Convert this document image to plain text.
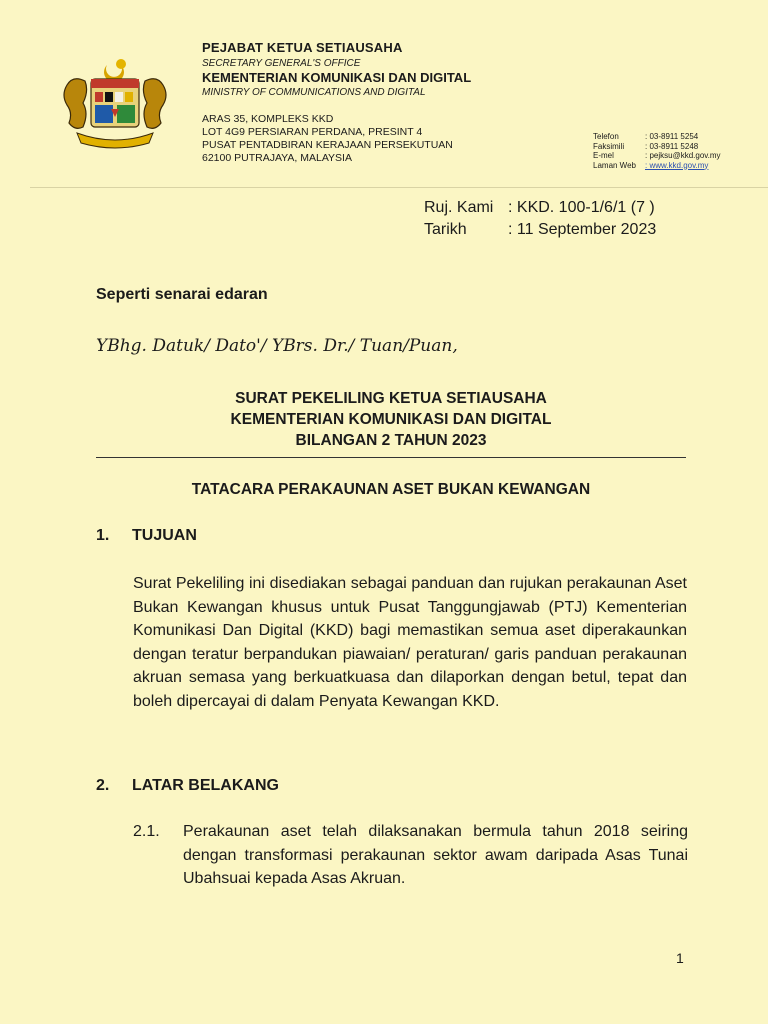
PEJABAT KETUA SETIAUSAHA
SECRETARY GENERAL'S OFFICE
KEMENTERIAN KOMUNIKASI DAN DIGITAL
MINISTRY OF COMMUNICATIONS AND DIGITAL
ARAS 35, KOMPLEKS KKD
LOT 4G9 PERSIARAN PERDANA, PRESINT 4
PUSAT PENTADBIRAN KERAJAAN PERSEKUTUAN
62100 PUTRAJAYA, MALAYSIA
Telefon	: 03-8911 5254
Faksimili	: 03-8911 5248
E-mel	: pejksu@kkd.gov.my
Laman Web	: www.kkd.gov.my
Ruj. Kami : KKD. 100-1/6/1 (7 )
Tarikh	: 11 September 2023
Seperti senarai edaran
YBhg. Datuk/ Dato'/ YBrs. Dr./ Tuan/Puan,
SURAT PEKELILING KETUA SETIAUSAHA
KEMENTERIAN KOMUNIKASI DAN DIGITAL
BILANGAN 2 TAHUN 2023
TATACARA PERAKAUNAN ASET BUKAN KEWANGAN
1. TUJUAN
Surat Pekeliling ini disediakan sebagai panduan dan rujukan perakaunan Aset Bukan Kewangan khusus untuk Pusat Tanggungjawab (PTJ) Kementerian Komunikasi Dan Digital (KKD) bagi memastikan semua aset diperakaunkan dengan teratur berpandukan piawaian/ peraturan/ garis panduan perakaunan akruan semasa yang berkuatkuasa dan dilaporkan dengan betul, tepat dan boleh dipercayai di dalam Penyata Kewangan KKD.
2. LATAR BELAKANG
2.1.	Perakaunan aset telah dilaksanakan bermula tahun 2018 seiring dengan transformasi perakaunan sektor awam daripada Asas Tunai Ubahsuai kepada Asas Akruan.
1
